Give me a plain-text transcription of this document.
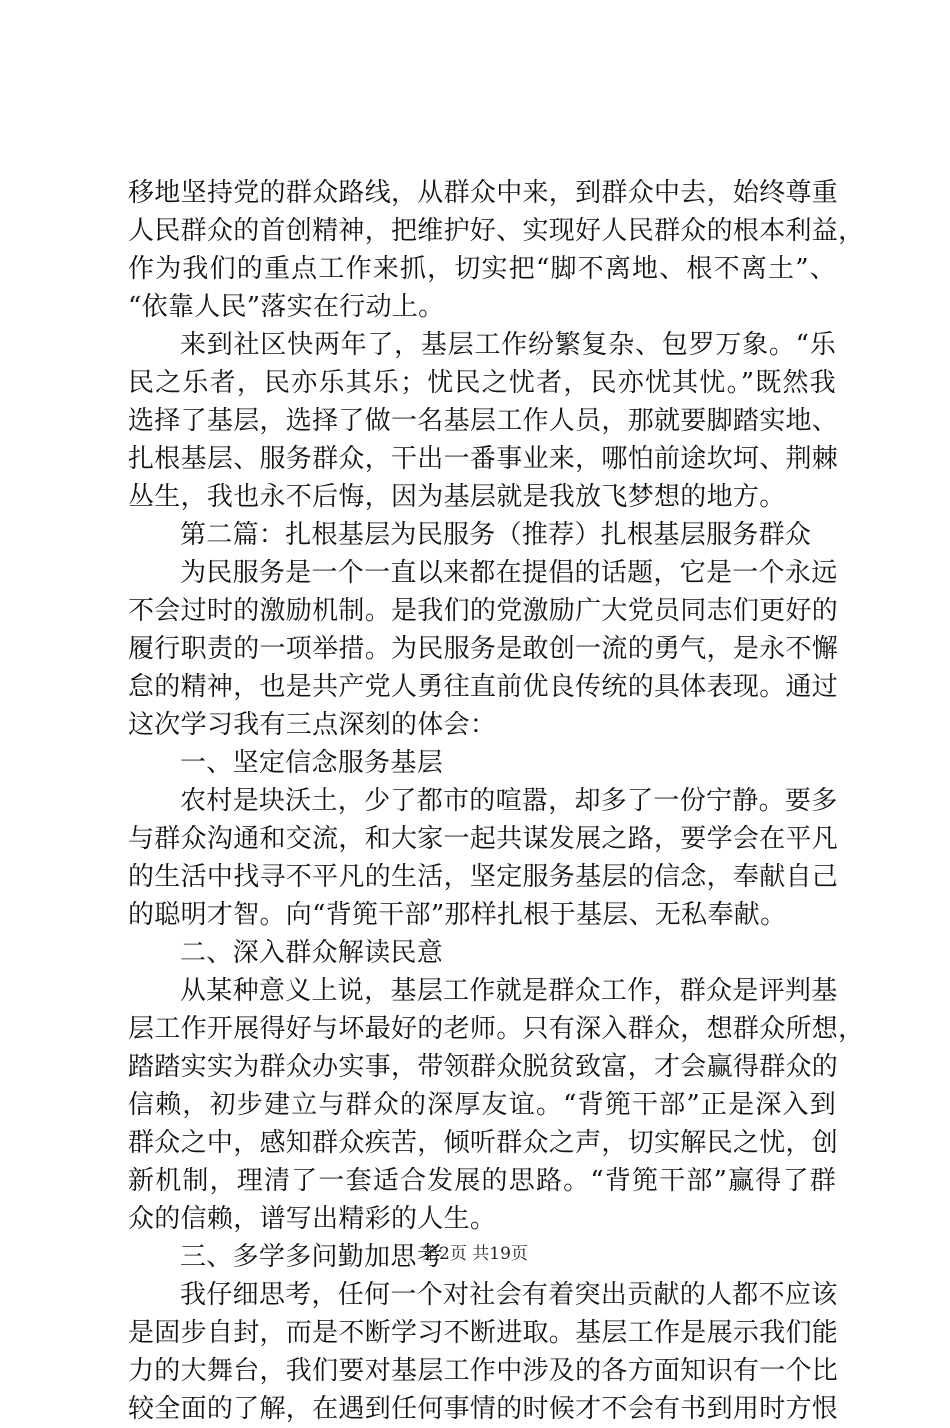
移地坚持党的群众路线，从群众中来，到群众中去，始终尊重
人民群众的首创精神，把维护好、实现好人民群众的根本利益，
作为我们的重点工作来抓，切实把“脚不离地、根不离土”、
“依靠人民”落实在行动上。
来到社区快两年了，基层工作纷繁复杂、包罗万象。“乐
民之乐者，民亦乐其乐；忧民之忧者，民亦忧其忧。”既然我
选择了基层，选择了做一名基层工作人员，那就要脚踏实地、
扎根基层、服务群众，干出一番事业来，哪怕前途坎坷、荆棘
丛生，我也永不后悔，因为基层就是我放飞梦想的地方。
第二篇：扎根基层为民服务（推荐）扎根基层服务群众
为民服务是一个一直以来都在提倡的话题，它是一个永远
不会过时的激励机制。是我们的党激励广大党员同志们更好的
履行职责的一项举措。为民服务是敢创一流的勇气，是永不懈
怠的精神，也是共产党人勇往直前优良传统的具体表现。通过
这次学习我有三点深刻的体会：
一、坚定信念服务基层
农村是块沃土，少了都市的喧嚣，却多了一份宁静。要多
与群众沟通和交流，和大家一起共谋发展之路，要学会在平凡
的生活中找寻不平凡的生活，坚定服务基层的信念，奉献自己
的聪明才智。向“背篼干部”那样扎根于基层、无私奉献。
二、深入群众解读民意
从某种意义上说，基层工作就是群众工作，群众是评判基
层工作开展得好与坏最好的老师。只有深入群众，想群众所想，
踏踏实实为群众办实事，带领群众脱贫致富，才会赢得群众的
信赖，初步建立与群众的深厚友谊。“背篼干部”正是深入到
群众之中，感知群众疾苦，倾听群众之声，切实解民之忧，创
新机制，理清了一套适合发展的思路。“背篼干部”赢得了群
众的信赖，谱写出精彩的人生。
三、多学多问勤加思考
我仔细思考，任何一个对社会有着突出贡献的人都不应该
是固步自封，而是不断学习不断进取。基层工作是展示我们能
力的大舞台，我们要对基层工作中涉及的各方面知识有一个比
较全面的了解，在遇到任何事情的时候才不会有书到用时方恨
第2页 共19页
